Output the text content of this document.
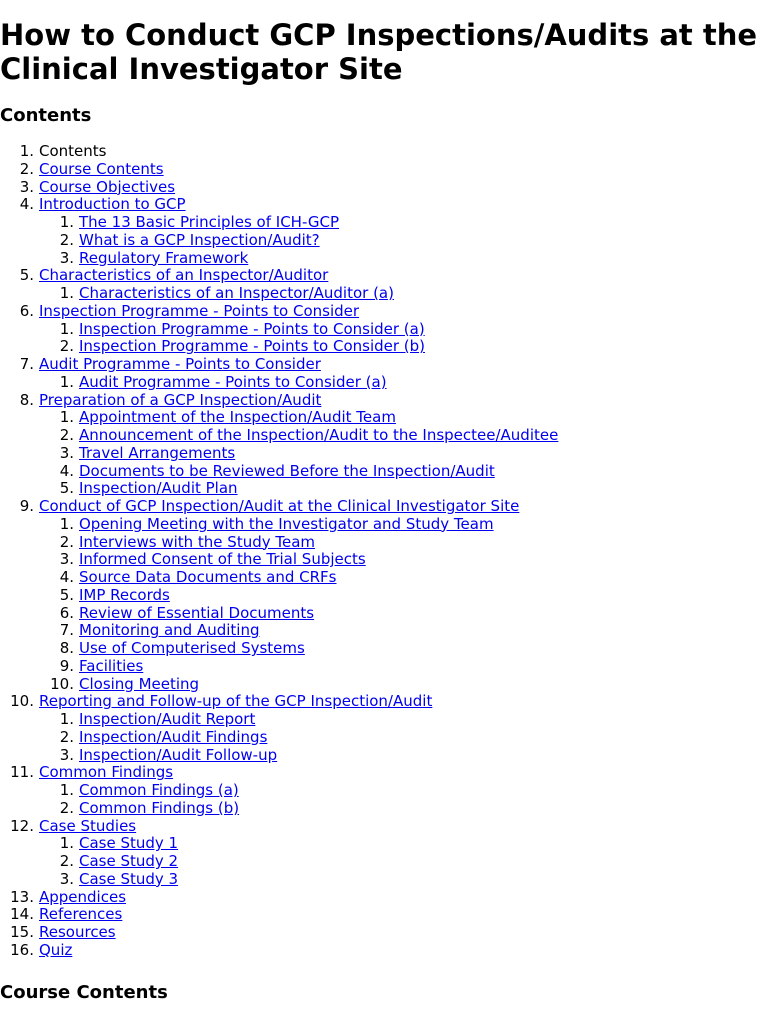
How to Conduct GCP Inspections/Audits at the Clinical Investigator Site
Contents
1. Contents
2. Course Contents
3. Course Objectives
4. Introduction to GCP
1. The 13 Basic Principles of ICH-GCP
2. What is a GCP Inspection/Audit?
3. Regulatory Framework
5. Characteristics of an Inspector/Auditor
1. Characteristics of an Inspector/Auditor (a)
6. Inspection Programme - Points to Consider
1. Inspection Programme - Points to Consider (a)
2. Inspection Programme - Points to Consider (b)
7. Audit Programme - Points to Consider
1. Audit Programme - Points to Consider (a)
8. Preparation of a GCP Inspection/Audit
1. Appointment of the Inspection/Audit Team
2. Announcement of the Inspection/Audit to the Inspectee/Auditee
3. Travel Arrangements
4. Documents to be Reviewed Before the Inspection/Audit
5. Inspection/Audit Plan
9. Conduct of GCP Inspection/Audit at the Clinical Investigator Site
1. Opening Meeting with the Investigator and Study Team
2. Interviews with the Study Team
3. Informed Consent of the Trial Subjects
4. Source Data Documents and CRFs
5. IMP Records
6. Review of Essential Documents
7. Monitoring and Auditing
8. Use of Computerised Systems
9. Facilities
10. Closing Meeting
10. Reporting and Follow-up of the GCP Inspection/Audit
1. Inspection/Audit Report
2. Inspection/Audit Findings
3. Inspection/Audit Follow-up
11. Common Findings
1. Common Findings (a)
2. Common Findings (b)
12. Case Studies
1. Case Study 1
2. Case Study 2
3. Case Study 3
13. Appendices
14. References
15. Resources
16. Quiz
Course Contents
